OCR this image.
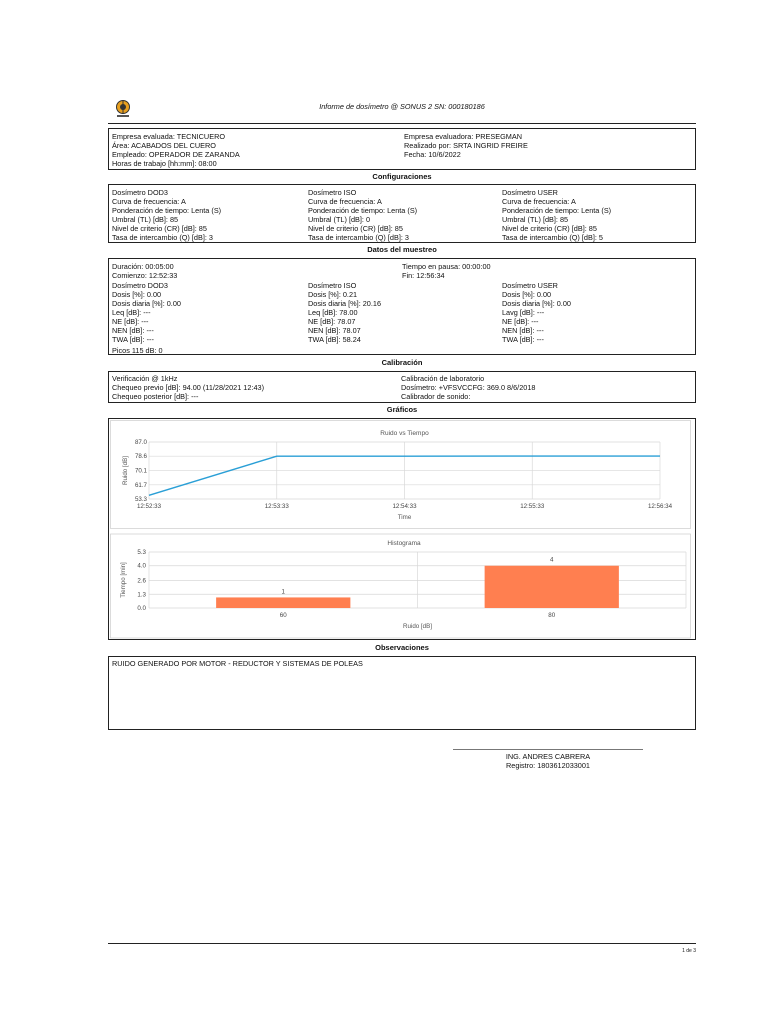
Informe de dosímetro @ SONUS 2 SN: 000180186
Empresa evaluada: TECNICUERO
Área: ACABADOS DEL CUERO
Empleado: OPERADOR DE ZARANDA
Horas de trabajo [hh:mm]: 08:00
Empresa evaluadora: PRESEGMAN
Realizado por: SRTA INGRID FREIRE
Fecha: 10/6/2022
Configuraciones
Dosímetro DOD3
Curva de frecuencia: A
Ponderación de tiempo: Lenta (S)
Umbral (TL) [dB]: 85
Nivel de criterio (CR) [dB]: 85
Tasa de intercambio (Q) [dB]: 3
Dosímetro ISO
Curva de frecuencia: A
Ponderación de tiempo: Lenta (S)
Umbral (TL) [dB]: 0
Nivel de criterio (CR) [dB]: 85
Tasa de intercambio (Q) [dB]: 3
Dosímetro USER
Curva de frecuencia: A
Ponderación de tiempo: Lenta (S)
Umbral (TL) [dB]: 85
Nivel de criterio (CR) [dB]: 85
Tasa de intercambio (Q) [dB]: 5
Datos del muestreo
Duración: 00:05:00
Comienzo: 12:52:33
Tiempo en pausa: 00:00:00
Fin: 12:56:34
Dosímetro DOD3
Dosis [%]: 0.00
Dosis diaria [%]: 0.00
Leq [dB]: ---
NE [dB]: ---
NEN [dB]: ---
TWA [dB]: ---
Picos 115 dB: 0
Dosímetro ISO
Dosis [%]: 0.21
Dosis diaria [%]: 20.16
Leq [dB]: 78.00
NE [dB]: 78.07
NEN [dB]: 78.07
TWA [dB]: 58.24
Dosímetro USER
Dosis [%]: 0.00
Dosis diaria [%]: 0.00
Lavg [dB]: ---
NE [dB]: ---
NEN [dB]: ---
TWA [dB]: ---
Calibración
Verificación @ 1kHz
Chequeo previo [dB]: 94.00 (11/28/2021 12:43)
Chequeo posterior [dB]: ---
Calibración de laboratorio
Dosímetro: +VFSVCCFG: 369.0 8/6/2018
Calibrador de sonido:
Gráficos
Ruido vs Tiempo
87.0
78.6
70.1
61.7
53.3
12:52:33	12:53:33	12:54:33	12:55:33	12:56:34
Time
Ruido [dB]
Histograma
5.3
4.0
2.6
1.3
0.0
1
60
4
80
Ruido [dB]
Tiempo [min]
Observaciones
RUIDO GENERADO POR MOTOR - REDUCTOR Y SISTEMAS DE POLEAS
ING. ANDRES CABRERA
Registro: 1803612033001
1 de 3
